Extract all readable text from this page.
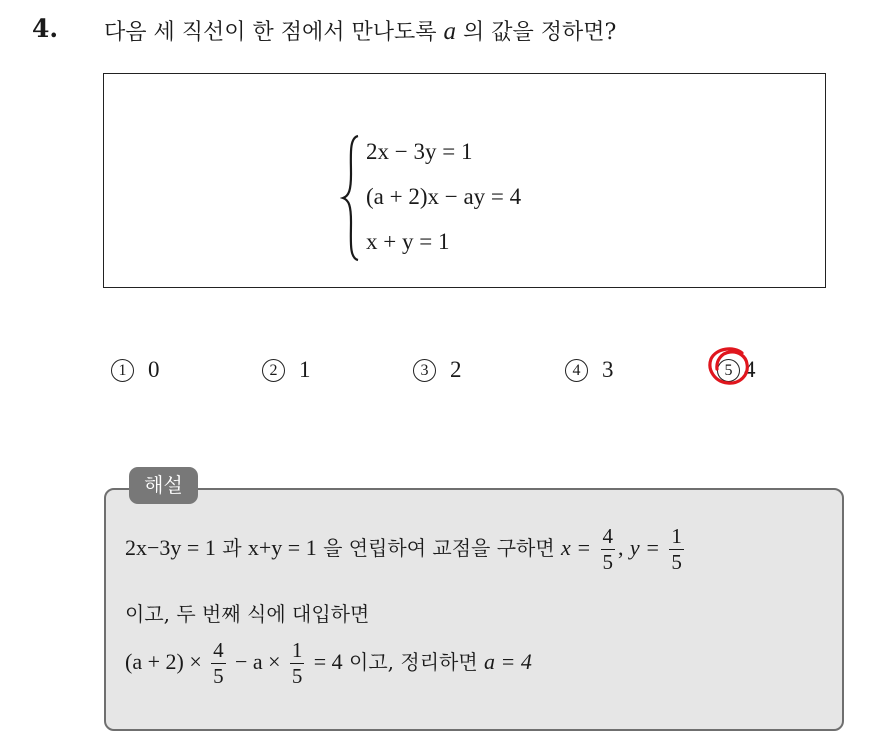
4. 다음 세 직선이 한 점에서 만나도록 a 의 값을 정하면?
2x − 3y = 1
(a + 2)x − ay = 4
x + y = 1
1 0	2 1	3 2	4 3	5 4
해설
2x−3y = 1 과 x+y = 1 을 연립하여 교점을 구하면 $x = \frac{4}{5}$ , $y = \frac{1}{5}$
이고, 두 번째 식에 대입하면
$(a + 2) \times \frac{4}{5} - a \times \frac{1}{5} = 4$ 이고, 정리하면 a = 4
